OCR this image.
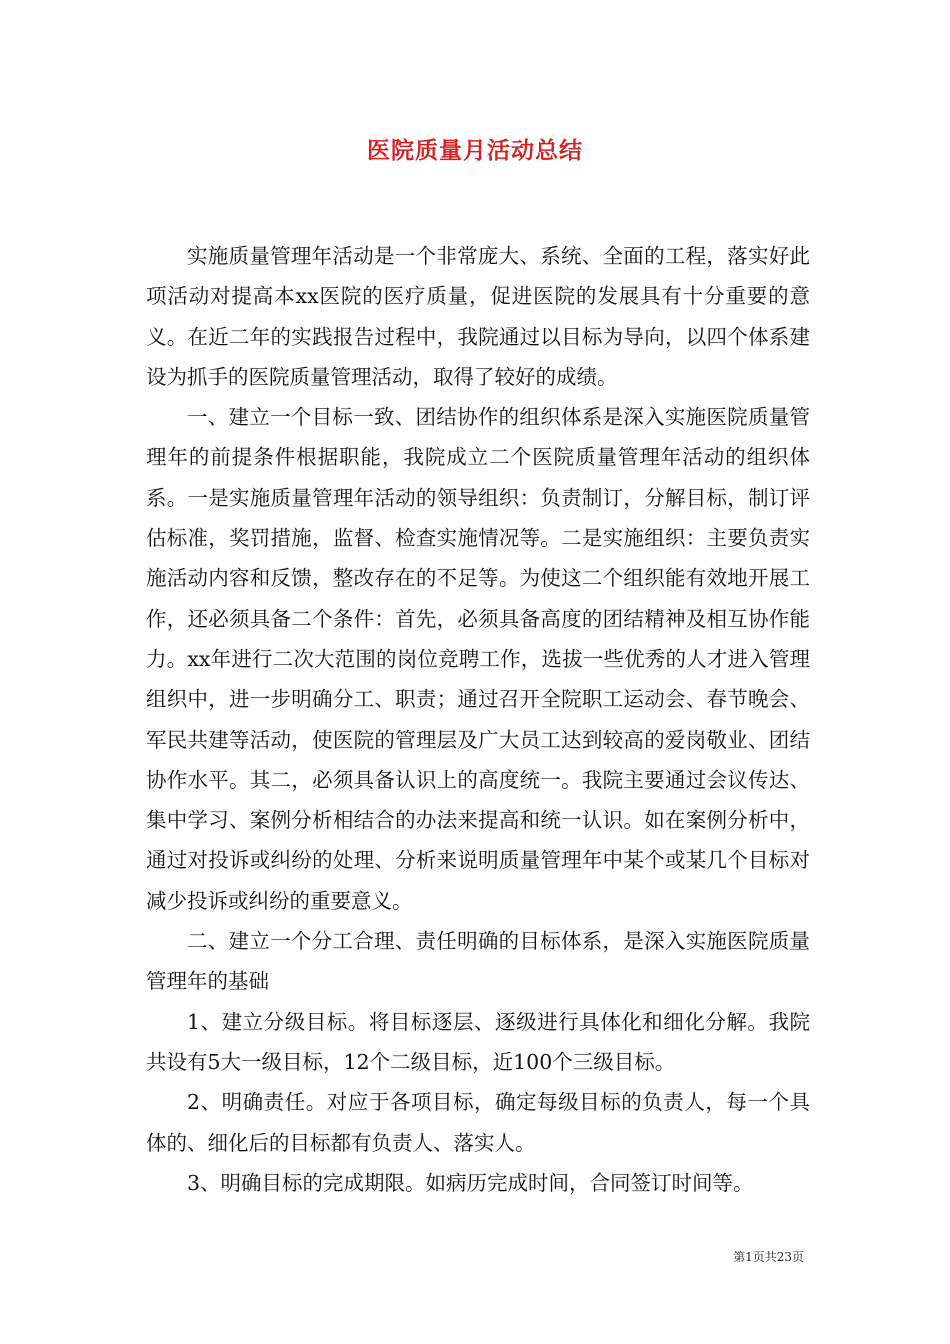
医院质量月活动总结

实施质量管理年活动是一个非常庞大、系统、全面的工程，落实好此项活动对提高本xx医院的医疗质量，促进医院的发展具有十分重要的意义。在近二年的实践报告过程中，我院通过以目标为导向，以四个体系建设为抓手的医院质量管理活动，取得了较好的成绩。

一、建立一个目标一致、团结协作的组织体系是深入实施医院质量管理年的前提条件根据职能，我院成立二个医院质量管理年活动的组织体系。一是实施质量管理年活动的领导组织：负责制订，分解目标，制订评估标准，奖罚措施，监督、检查实施情况等。二是实施组织：主要负责实施活动内容和反馈，整改存在的不足等。为使这二个组织能有效地开展工作，还必须具备二个条件：首先，必须具备高度的团结精神及相互协作能力。xx年进行二次大范围的岗位竞聘工作，选拔一些优秀的人才进入管理组织中，进一步明确分工、职责；通过召开全院职工运动会、春节晚会、军民共建等活动，使医院的管理层及广大员工达到较高的爱岗敬业、团结协作水平。其二，必须具备认识上的高度统一。我院主要通过会议传达、集中学习、案例分析相结合的办法来提高和统一认识。如在案例分析中，通过对投诉或纠纷的处理、分析来说明质量管理年中某个或某几个目标对减少投诉或纠纷的重要意义。

二、建立一个分工合理、责任明确的目标体系，是深入实施医院质量管理年的基础

1、建立分级目标。将目标逐层、逐级进行具体化和细化分解。我院共设有5大一级目标，12个二级目标，近100个三级目标。

2、明确责任。对应于各项目标，确定每级目标的负责人，每一个具体的、细化后的目标都有负责人、落实人。

3、明确目标的完成期限。如病历完成时间，合同签订时间等。

第1页共23页
